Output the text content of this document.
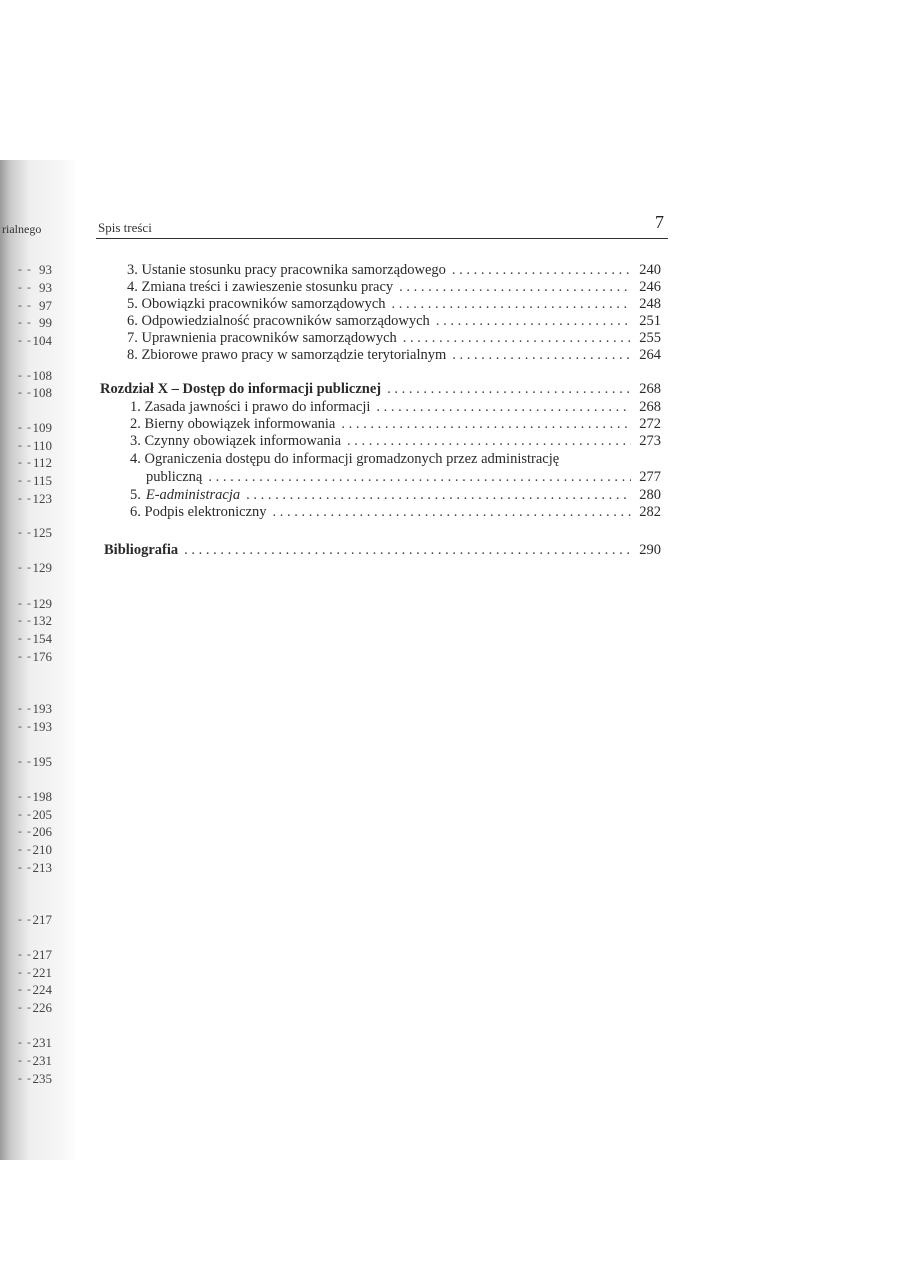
rialnego
- - 93
- - 93
- - 97
- - 99
- - 104
- - 108
- - 108
- - 109
- - 110
- - 112
- - 115
- - 123
- - 125
- - 129
- - 129
- - 132
- - 154
- - 176
- - 193
- - 193
- - 195
- - 198
- - 205
- - 206
- - 210
- - 213
- - 217
- - 217
- - 221
- - 224
- - 226
- - 231
- - 231
- - 235
Spis treści	7
3. Ustanie stosunku pracy pracownika samorządowego . . .	240
4. Zmiana treści i zawieszenie stosunku pracy . . .	246
5. Obowiązki pracowników samorządowych . . .	248
6. Odpowiedzialność pracowników samorządowych . . .	251
7. Uprawnienia pracowników samorządowych . . .	255
8. Zbiorowe prawo pracy w samorządzie terytorialnym . . .	264
Rozdział X – Dostęp do informacji publicznej . . .	268
1. Zasada jawności i prawo do informacji . . .	268
2. Bierny obowiązek informowania . . .	272
3. Czynny obowiązek informowania . . .	273
4. Ograniczenia dostępu do informacji gromadzonych przez administrację
publiczną . . .	277
5. E-administracja . . .	280
6. Podpis elektroniczny . . .	282
Bibliografia . . .	290
